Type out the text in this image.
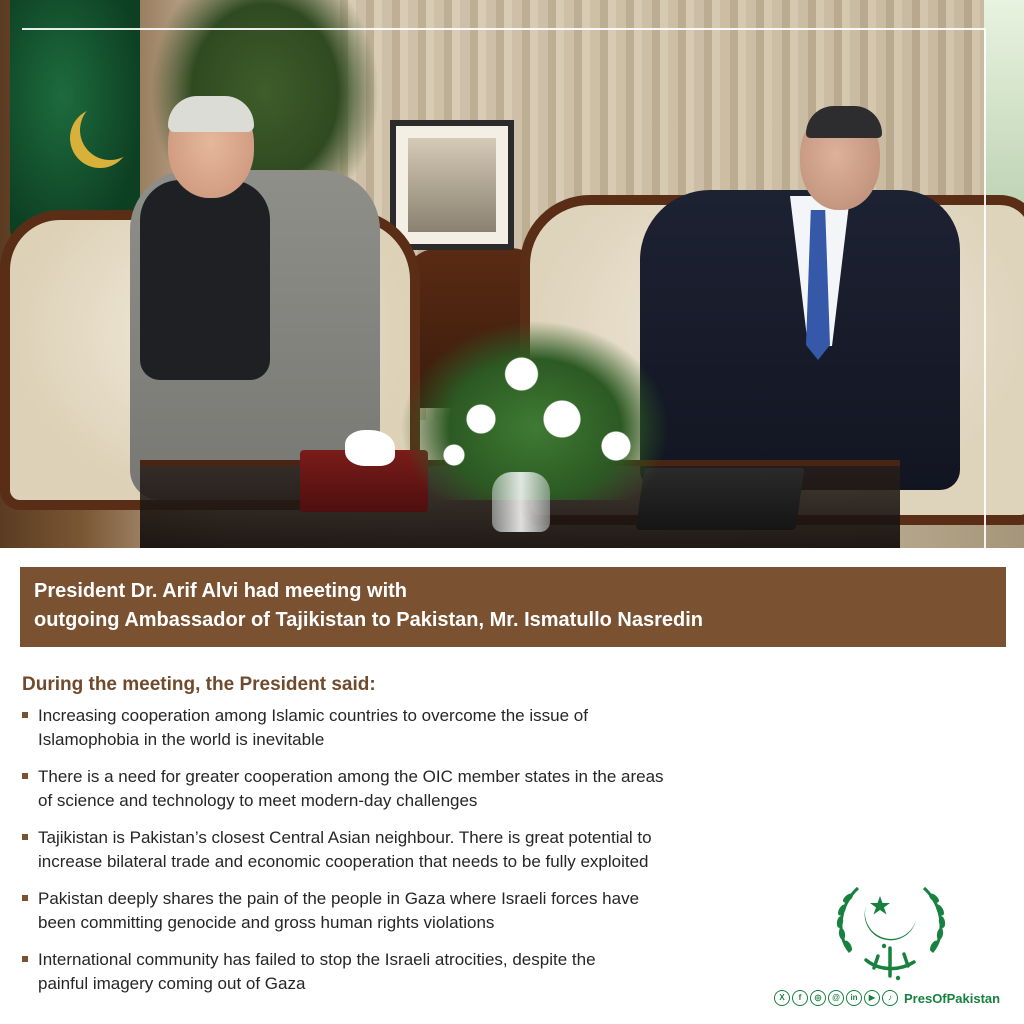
President Dr. Arif Alvi had meeting with
outgoing Ambassador of Tajikistan to Pakistan, Mr. Ismatullo Nasredin
During the meeting, the President said:
Increasing cooperation among Islamic countries to overcome the issue of
Islamophobia in the world is inevitable
There is a need for greater cooperation among the OIC member states in the areas
of science and technology to meet modern-day challenges
Tajikistan is Pakistan’s closest Central Asian neighbour. There is great potential to
increase bilateral trade and economic cooperation that needs to be fully exploited
Pakistan deeply shares the pain of the people in Gaza where Israeli forces have
been committing genocide and gross human rights violations
International community has failed to stop the Israeli atrocities, despite the
painful imagery coming out of Gaza
X	f	◎	@	in	▶	♪ PresOfPakistan
